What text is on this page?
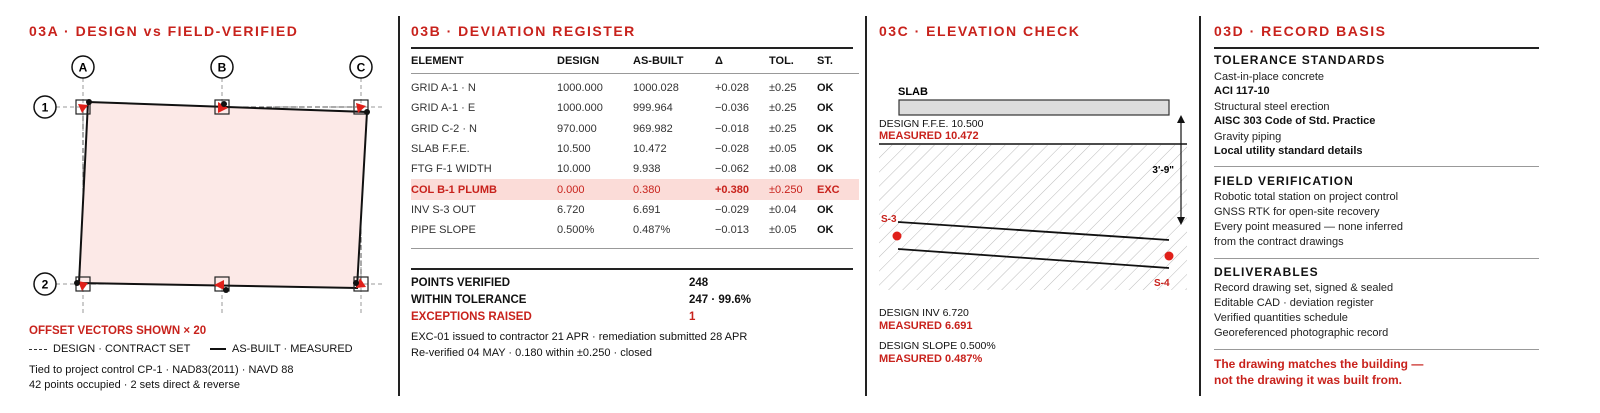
03A · DESIGN vs FIELD-VERIFIED
A	B	C
1
2
OFFSET VECTORS SHOWN × 20
DESIGN · CONTRACT SET	AS-BUILT · MEASURED
Tied to project control CP-1 · NAD83(2011) · NAVD 88
42 points occupied · 2 sets direct & reverse
03B · DEVIATION REGISTER
ELEMENT	DESIGN	AS-BUILT	Δ	TOL.	ST.

GRID A-1 · N	1000.000	1000.028	+0.028	±0.25	OK
GRID A-1 · E	1000.000	999.964	−0.036	±0.25	OK
GRID C-2 · N	970.000	969.982	−0.018	±0.25	OK
SLAB F.F.E.	10.500	10.472	−0.028	±0.05	OK
FTG F-1 WIDTH	10.000	9.938	−0.062	±0.08	OK
COL B-1 PLUMB	0.000	0.380	+0.380	±0.250	EXC
INV S-3 OUT	6.720	6.691	−0.029	±0.04	OK
PIPE SLOPE	0.500%	0.487%	−0.013	±0.05	OK
POINTS VERIFIED	248
WITHIN TOLERANCE	247 · 99.6%
EXCEPTIONS RAISED	1
EXC-01 issued to contractor 21 APR · remediation submitted 28 APR
Re-verified 04 MAY · 0.180 within ±0.250 · closed
03C · ELEVATION CHECK
SLAB
3'-9"
S-3
S-4
DESIGN F.F.E. 10.500
MEASURED 10.472
DESIGN INV 6.720
MEASURED 6.691
DESIGN SLOPE 0.500%
MEASURED 0.487%
03D · RECORD BASIS
TOLERANCE STANDARDS
Cast-in-place concrete
ACI 117-10
Structural steel erection
AISC 303 Code of Std. Practice
Gravity piping
Local utility standard details
FIELD VERIFICATION
Robotic total station on project control
GNSS RTK for open-site recovery
Every point measured — none inferred
from the contract drawings
DELIVERABLES
Record drawing set, signed & sealed
Editable CAD · deviation register
Verified quantities schedule
Georeferenced photographic record
The drawing matches the building —
not the drawing it was built from.
